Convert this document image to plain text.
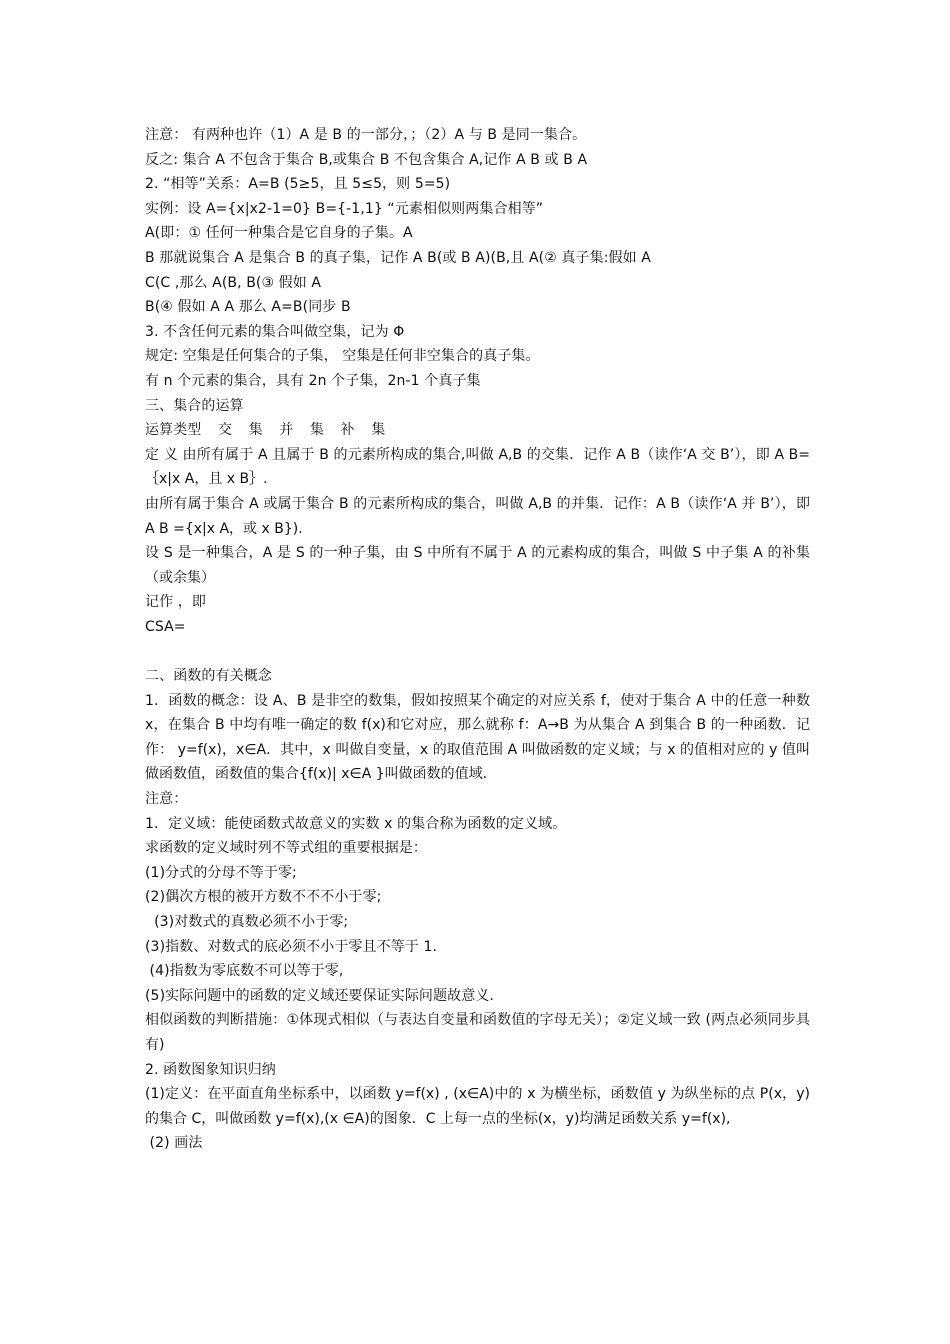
注意： 有两种也许（1）A 是 B 的一部分，；（2）A 与 B 是同一集合。
反之: 集合 A 不包含于集合 B,或集合 B 不包含集合 A,记作 A B 或 B A
2. “相等”关系：A=B (5≥5，且 5≤5，则 5=5)
实例：设 A={x|x2-1=0} B={-1,1} “元素相似则两集合相等”
A(即：① 任何一种集合是它自身的子集。A
B 那就说集合 A 是集合 B 的真子集，记作 A B(或 B A)(B,且 A(② 真子集:假如 A
C(C ,那么 A(B, B(③ 假如 A
B(④ 假如 A A 那么 A=B(同步 B
3. 不含任何元素的集合叫做空集，记为 Φ
规定: 空集是任何集合的子集， 空集是任何非空集合的真子集。
有 n 个元素的集合，具有 2n 个子集，2n-1 个真子集
三、集合的运算
运算类型 交 集 并 集 补 集
定 义 由所有属于 A 且属于 B 的元素所构成的集合,叫做 A,B 的交集．记作 A B（读作‘A 交 B’），即 A B=｛x|x A，且 x B｝.
由所有属于集合 A 或属于集合 B 的元素所构成的集合，叫做 A,B 的并集．记作：A B（读作‘A 并 B’），即 A B ={x|x A，或 x B}).
设 S 是一种集合，A 是 S 的一种子集，由 S 中所有不属于 A 的元素构成的集合，叫做 S 中子集 A 的补集（或余集）
记作 ，即
CSA=
二、函数的有关概念
1．函数的概念：设 A、B 是非空的数集，假如按照某个确定的对应关系 f，使对于集合 A 中的任意一种数 x，在集合 B 中均有唯一确定的数 f(x)和它对应，那么就称 f：A→B 为从集合 A 到集合 B 的一种函数．记作： y=f(x)，x∈A．其中，x 叫做自变量，x 的取值范围 A 叫做函数的定义域；与 x 的值相对应的 y 值叫做函数值，函数值的集合{f(x)| x∈A }叫做函数的值域．
注意：
1．定义域：能使函数式故意义的实数 x 的集合称为函数的定义域。
求函数的定义域时列不等式组的重要根据是：
(1)分式的分母不等于零;
(2)偶次方根的被开方数不不不小于零;
(3)对数式的真数必须不小于零;
(3)指数、对数式的底必须不小于零且不等于 1.
(4)指数为零底数不可以等于零,
(5)实际问题中的函数的定义域还要保证实际问题故意义.
相似函数的判断措施：①体现式相似（与表达自变量和函数值的字母无关）；②定义域一致 (两点必须同步具有)
2. 函数图象知识归纳
(1)定义：在平面直角坐标系中，以函数 y=f(x) , (x∈A)中的 x 为横坐标，函数值 y 为纵坐标的点 P(x，y)的集合 C，叫做函数 y=f(x),(x ∈A)的图象．C 上每一点的坐标(x，y)均满足函数关系 y=f(x),
(2) 画法
